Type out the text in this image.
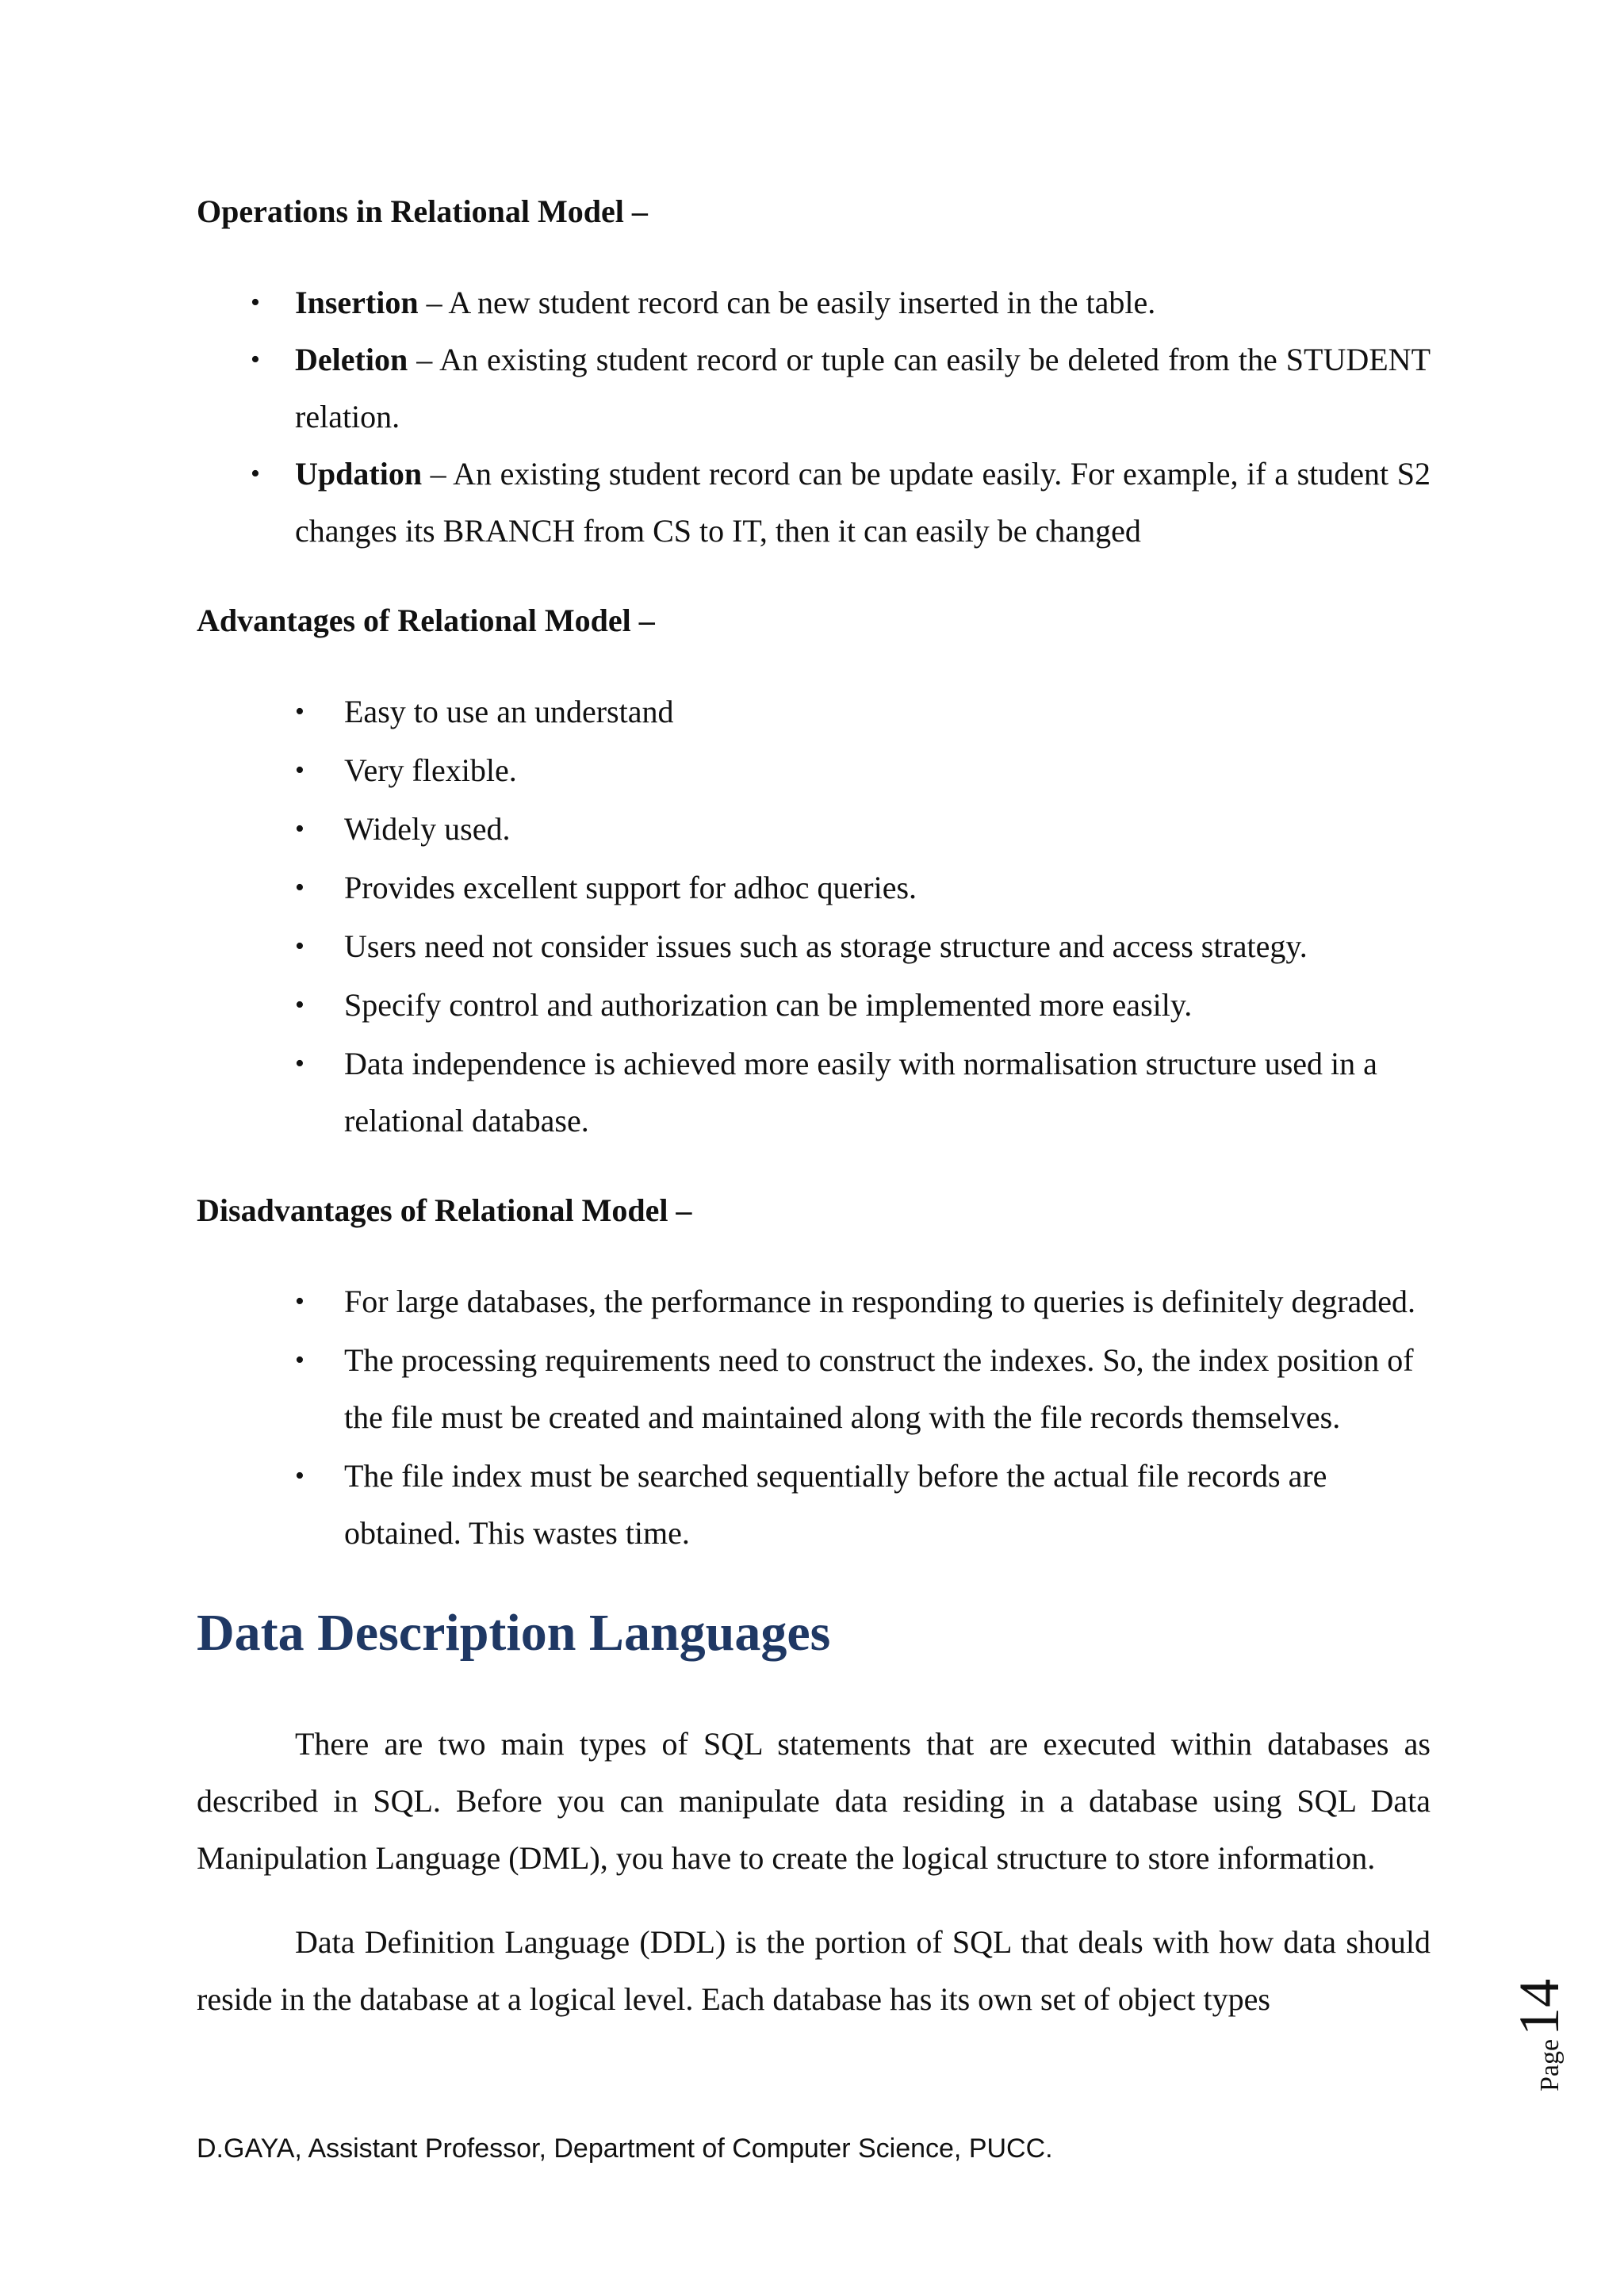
Operations in Relational Model –
• Insertion – A new student record can be easily inserted in the table.
• Deletion – An existing student record or tuple can easily be deleted from the STUDENT relation.
• Updation – An existing student record can be update easily. For example, if a student S2 changes its BRANCH from CS to IT, then it can easily be changed
Advantages of Relational Model –
• Easy to use an understand
• Very flexible.
• Widely used.
• Provides excellent support for adhoc queries.
• Users need not consider issues such as storage structure and access strategy.
• Specify control and authorization can be implemented more easily.
• Data independence is achieved more easily with normalisation structure used in a relational database.
Disadvantages of Relational Model –
• For large databases, the performance in responding to queries is definitely degraded.
• The processing requirements need to construct the indexes. So, the index position of the file must be created and maintained along with the file records themselves.
• The file index must be searched sequentially before the actual file records are obtained. This wastes time.
Data Description Languages

There are two main types of SQL statements that are executed within databases as described in SQL. Before you can manipulate data residing in a database using SQL Data Manipulation Language (DML), you have to create the logical structure to store information.

Data Definition Language (DDL) is the portion of SQL that deals with how data should reside in the database at a logical level. Each database has its own set of object types

Page14
D.GAYA, Assistant Professor, Department of Computer Science, PUCC.
